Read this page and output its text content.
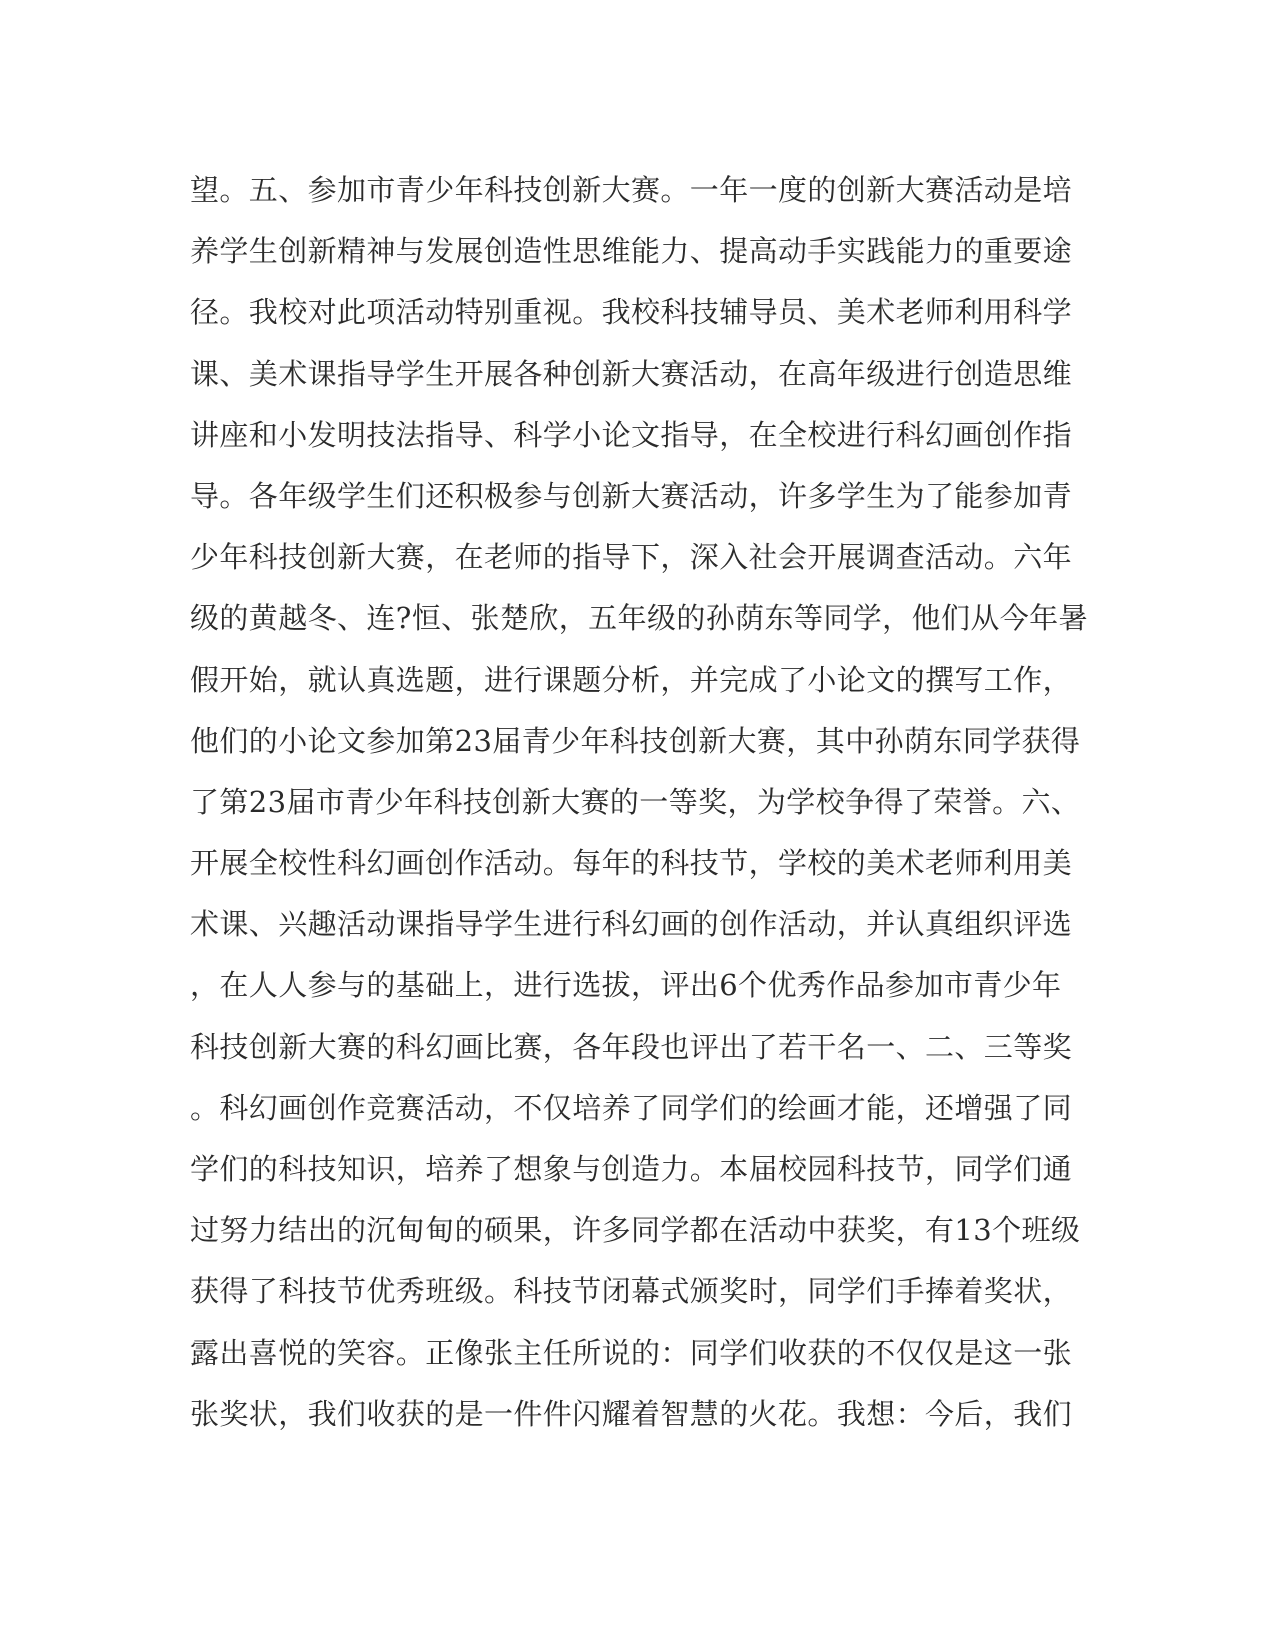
望。五、参加市青少年科技创新大赛。一年一度的创新大赛活动是培
养学生创新精神与发展创造性思维能力、提高动手实践能力的重要途
径。我校对此项活动特别重视。我校科技辅导员、美术老师利用科学
课、美术课指导学生开展各种创新大赛活动，在高年级进行创造思维
讲座和小发明技法指导、科学小论文指导，在全校进行科幻画创作指
导。各年级学生们还积极参与创新大赛活动，许多学生为了能参加青
少年科技创新大赛，在老师的指导下，深入社会开展调查活动。六年
级的黄越冬、连?恒、张楚欣，五年级的孙荫东等同学，他们从今年暑
假开始，就认真选题，进行课题分析，并完成了小论文的撰写工作，
他们的小论文参加第23届青少年科技创新大赛，其中孙荫东同学获得
了第23届市青少年科技创新大赛的一等奖，为学校争得了荣誉。六、
开展全校性科幻画创作活动。每年的科技节，学校的美术老师利用美
术课、兴趣活动课指导学生进行科幻画的创作活动，并认真组织评选
，在人人参与的基础上，进行选拔，评出6个优秀作品参加市青少年
科技创新大赛的科幻画比赛，各年段也评出了若干名一、二、三等奖
。科幻画创作竞赛活动，不仅培养了同学们的绘画才能，还增强了同
学们的科技知识，培养了想象与创造力。本届校园科技节，同学们通
过努力结出的沉甸甸的硕果，许多同学都在活动中获奖，有13个班级
获得了科技节优秀班级。科技节闭幕式颁奖时，同学们手捧着奖状，
露出喜悦的笑容。正像张主任所说的：同学们收获的不仅仅是这一张
张奖状，我们收获的是一件件闪耀着智慧的火花。我想：今后，我们
